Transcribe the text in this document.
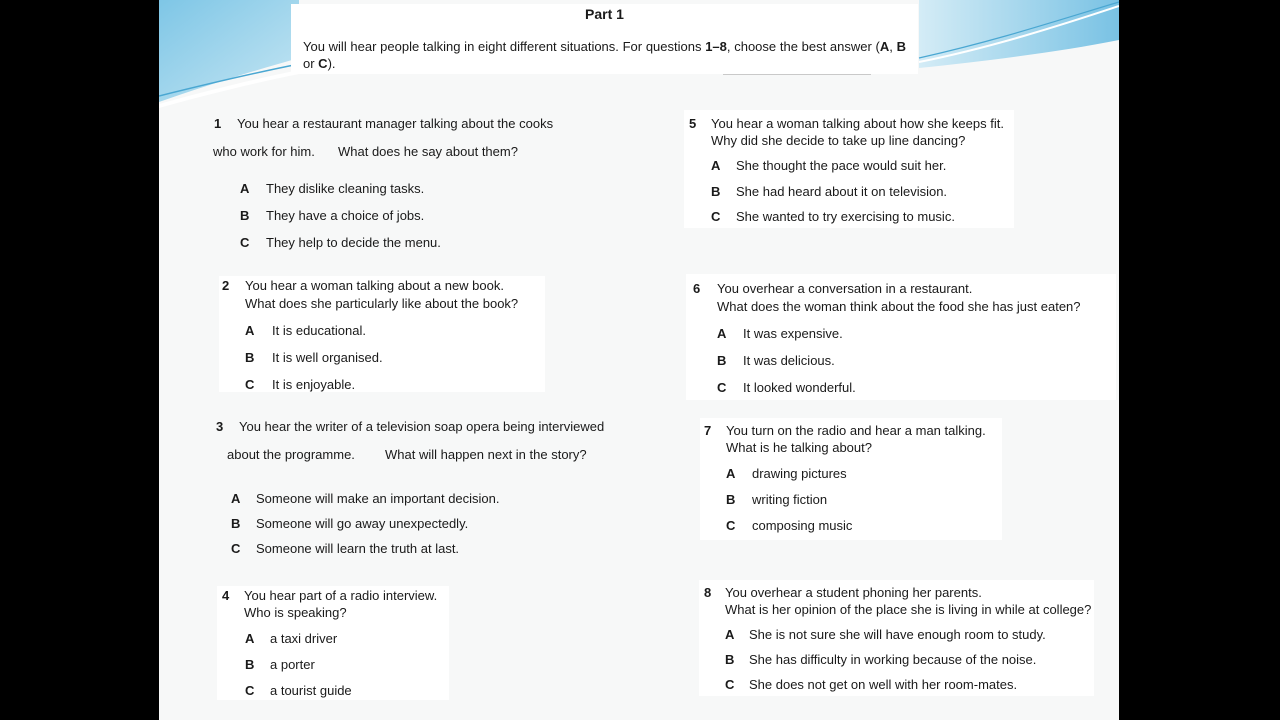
Part 1
You will hear people talking in eight different situations. For questions 1–8, choose the best answer (A, B or C).
1 You hear a restaurant manager talking about the cooks
who work for him. What does he say about them?
A They dislike cleaning tasks.
B They have a choice of jobs.
C They help to decide the menu.
2 You hear a woman talking about a new book.
What does she particularly like about the book?
A It is educational.
B It is well organised.
C It is enjoyable.
3 You hear the writer of a television soap opera being interviewed
about the programme. What will happen next in the story?
A Someone will make an important decision.
B Someone will go away unexpectedly.
C Someone will learn the truth at last.
4 You hear part of a radio interview.
Who is speaking?
A a taxi driver
B a porter
C a tourist guide
5 You hear a woman talking about how she keeps fit.
Why did she decide to take up line dancing?
A She thought the pace would suit her.
B She had heard about it on television.
C She wanted to try exercising to music.
6 You overhear a conversation in a restaurant.
What does the woman think about the food she has just eaten?
A It was expensive.
B It was delicious.
C It looked wonderful.
7 You turn on the radio and hear a man talking.
What is he talking about?
A drawing pictures
B writing fiction
C composing music
8 You overhear a student phoning her parents.
What is her opinion of the place she is living in while at college?
A She is not sure she will have enough room to study.
B She has difficulty in working because of the noise.
C She does not get on well with her room-mates.
